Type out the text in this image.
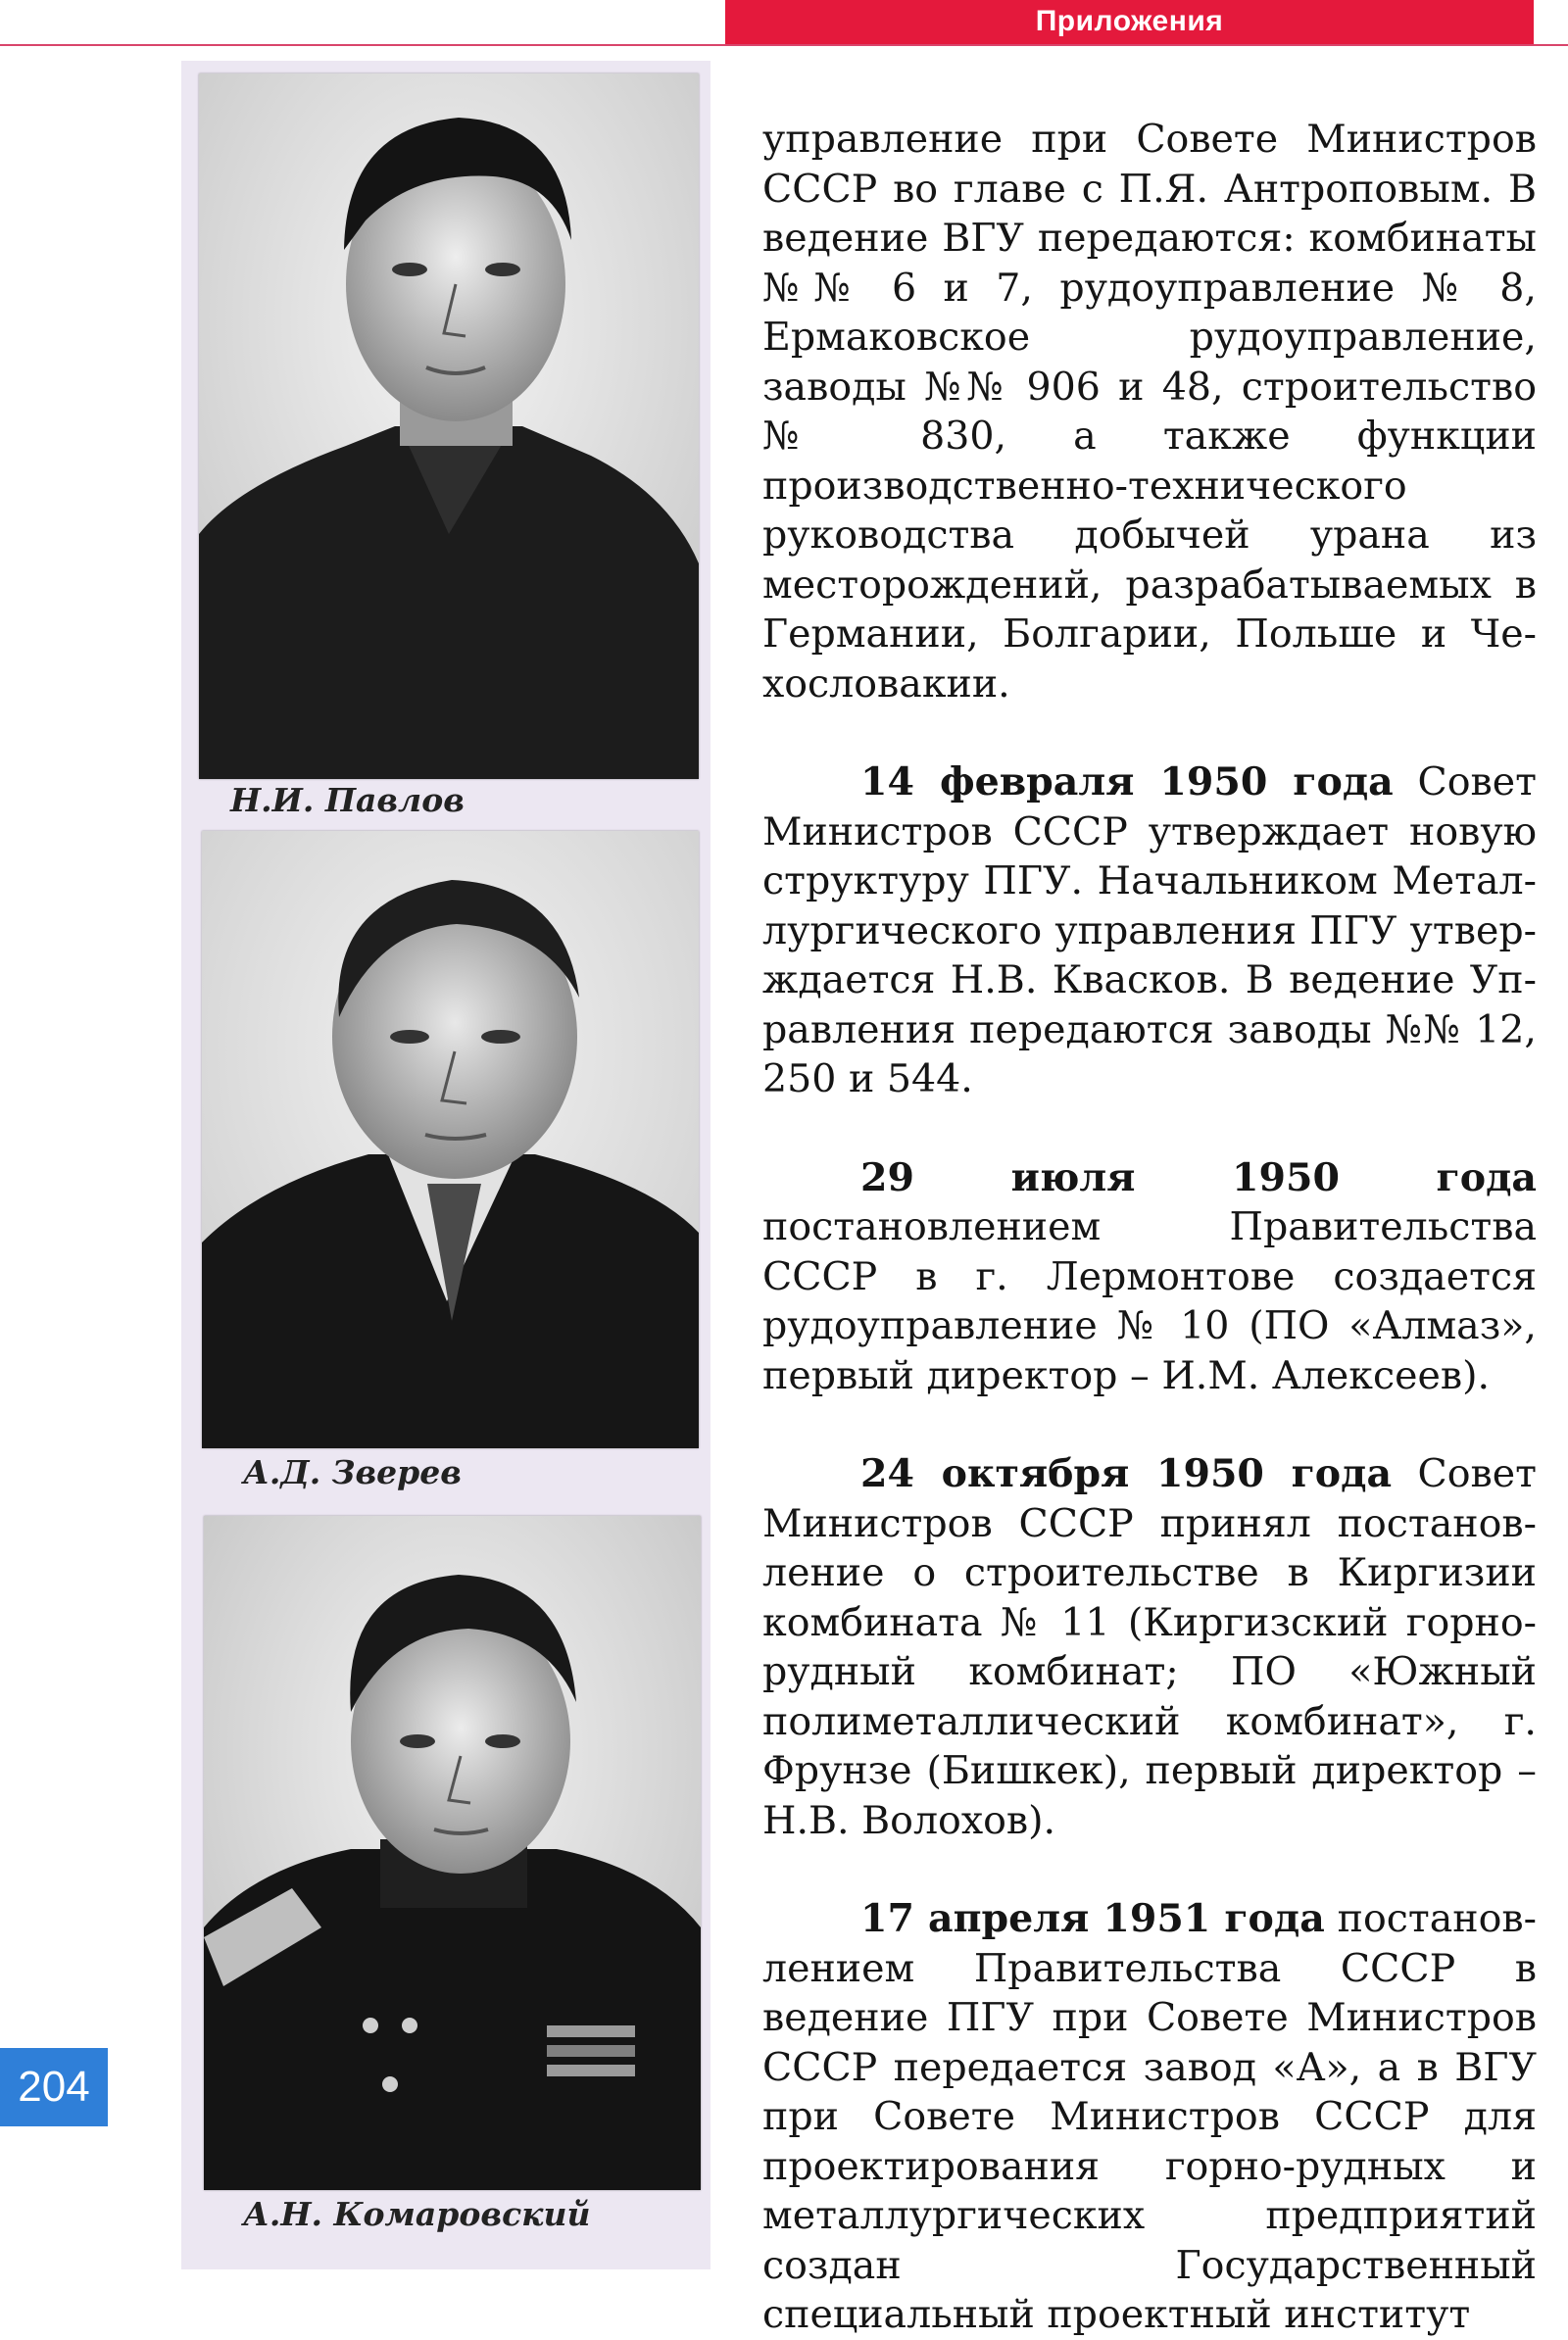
Приложения
Н.И. Павлов
А.Д. Зверев
А.Н. Комаровский

управление при Совете Министров СССР во главе с П.Я. Антроповым. В ведение ВГУ передаются: комбинаты №№ 6 и 7, рудоуправление № 8, Ермаковское рудоуправление, заводы №№ 906 и 48, строительство № 830, а также функции производственно-технического руководства добычей урана из месторождений, разрабатываемых в Германии, Болгарии, Польше и Чехословакии.

14 февраля 1950 года Совет Министров СССР утверждает новую структуру ПГУ. Начальником Металлургического управления ПГУ утверждается Н.В. Квасков. В ведение Управления передаются заводы №№ 12, 250 и 544.

29 июля 1950 года постановлением Правительства СССР в г. Лермонтове создается рудоуправление № 10 (ПО «Алмаз», первый директор – И.М. Алексеев).

24 октября 1950 года Совет Министров СССР принял постановление о строительстве в Киргизии комбината № 11 (Киргизский горнорудный комбинат; ПО «Южный полиметаллический комбинат», г. Фрунзе (Бишкек), первый директор – Н.В. Волохов).

17 апреля 1951 года постановлением Правительства СССР в ведение ПГУ при Совете Министров СССР передается завод «А», а в ВГУ при Совете Министров СССР для проектирования горно-рудных и металлургических предприятий создан Государственный специальный проектный институт

204
